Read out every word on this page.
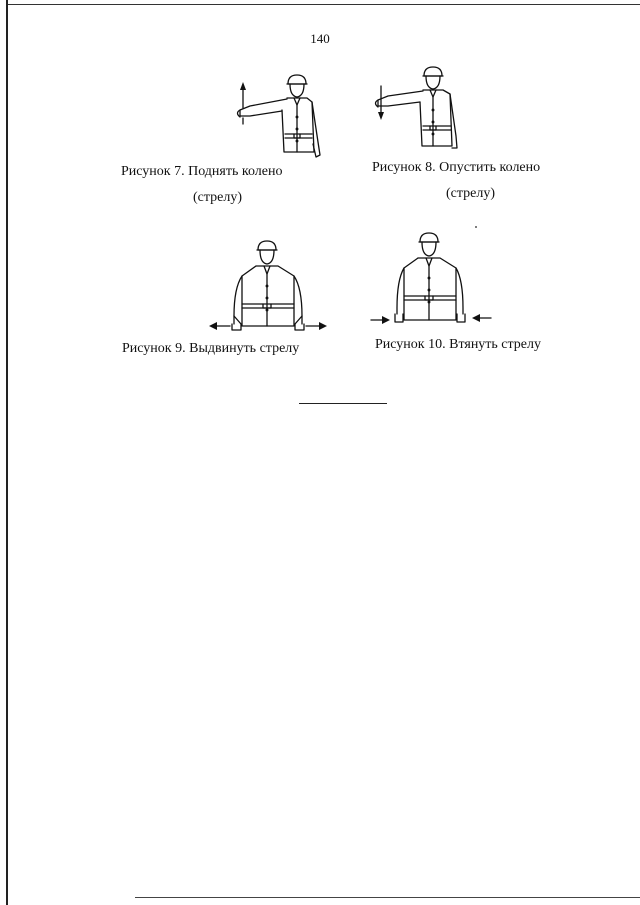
140
Рисунок 7. Поднять колено
(стрелу)
Рисунок 8. Опустить колено
(стрелу)
Рисунок 9. Выдвинуть стрелу	Рисунок 10. Втянуть стрелу
